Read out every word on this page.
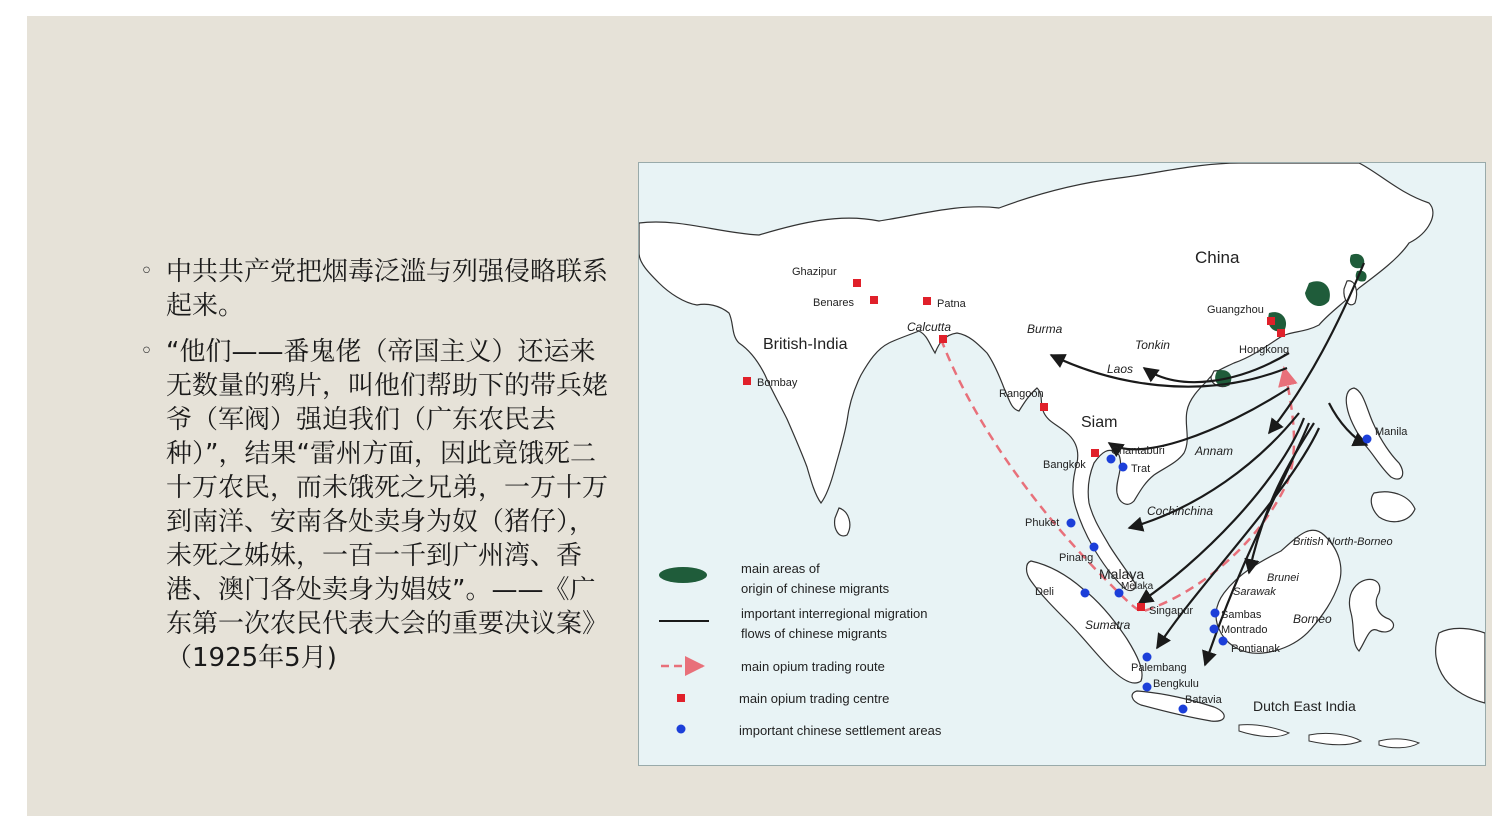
◦ 中共共产党把烟毒泛滥与列强侵略联系起来。
◦ “他们——番鬼佬（帝国主义）还运来无数量的鸦片，叫他们帮助下的带兵姥爷（军阀）强迫我们（广东农民去种）”，结果“雷州方面，因此竟饿死二十万农民，而未饿死之兄弟，一万十万到南洋、安南各处卖身为奴（猪仔），未死之姊妹，一百一千到广州湾、香港、澳门各处卖身为娼妓”。——《广东第一次农民代表大会的重要决议案》（1925年5月)
China
British-India
Siam
Malaya
Dutch East India
Burma
Laos
Tonkin
Annam
Cochinchina
British North-Borneo
Brunei
Sarawak
Borneo
Sumatra
Ghazipur
Benares	Patna
Calcutta
Bombay
Rangoon
Bangkok
Singapur
Guangzhou
Hongkong
Chantaburi
Trat
Phuket
Pinang
Melaka
Deli
Sambas
Montrado
Pontianak
Palembang
Bengkulu
Batavia
Manila
main areas of origin of chinese migrants
important interregional migration flows of chinese migrants
main opium trading route
main opium trading centre
important chinese settlement areas
